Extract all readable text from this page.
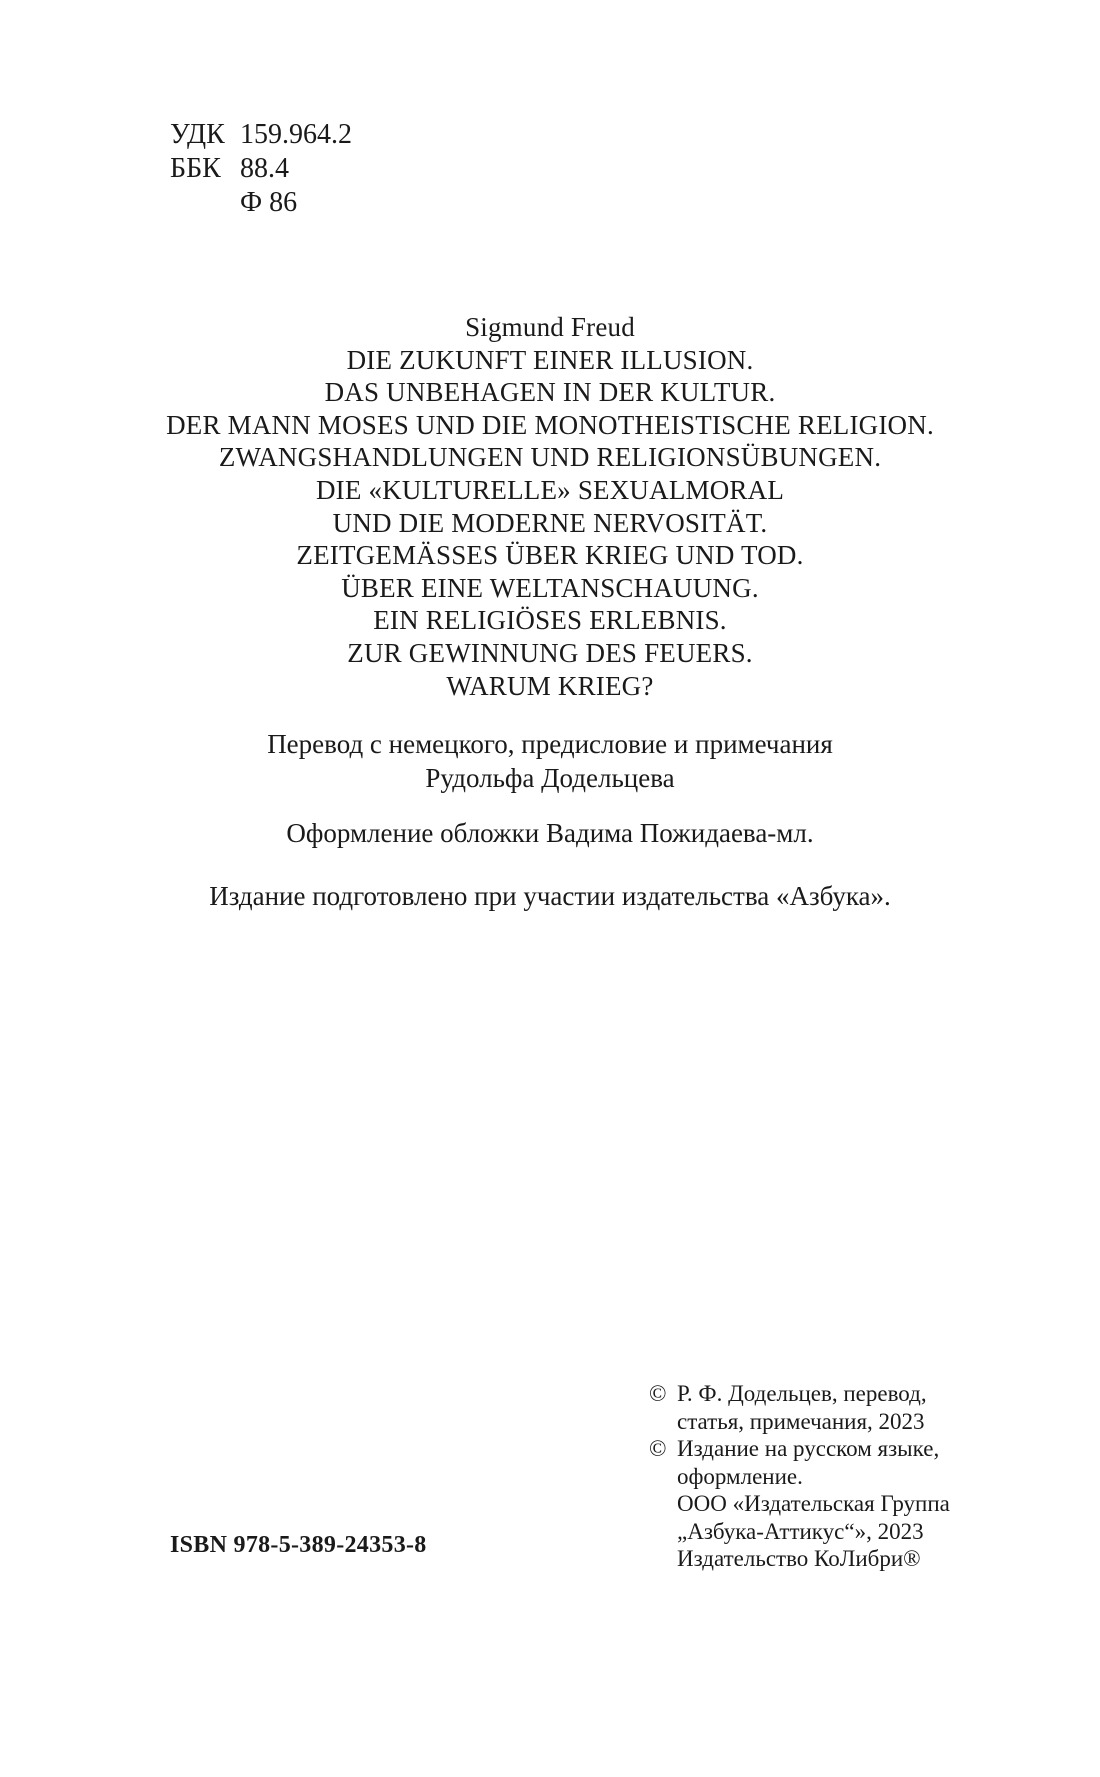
УДК 159.964.2
ББК 88.4
Ф 86
Sigmund Freud
DIE ZUKUNFT EINER ILLUSION.
DAS UNBEHAGEN IN DER KULTUR.
DER MANN MOSES UND DIE MONOTHEISTISCHE RELIGION.
ZWANGSHANDLUNGEN UND RELIGIONSÜBUNGEN.
DIE «KULTURELLE» SEXUALMORAL
UND DIE MODERNE NERVOSITÄT.
ZEITGEMÄSSES ÜBER KRIEG UND TOD.
ÜBER EINE WELTANSCHAUUNG.
EIN RELIGIÖSES ERLEBNIS.
ZUR GEWINNUNG DES FEUERS.
WARUM KRIEG?
Перевод с немецкого, предисловие и примечания
Рудольфа Додельцева
Оформление обложки Вадима Пожидаева-мл.
Издание подготовлено при участии издательства «Азбука».
© Р. Ф. Додельцев, перевод,
статья, примечания, 2023
© Издание на русском языке,
оформление.
ООО «Издательская Группа
„Азбука-Аттикус“», 2023
Издательство КоЛибри®
ISBN 978-5-389-24353-8
